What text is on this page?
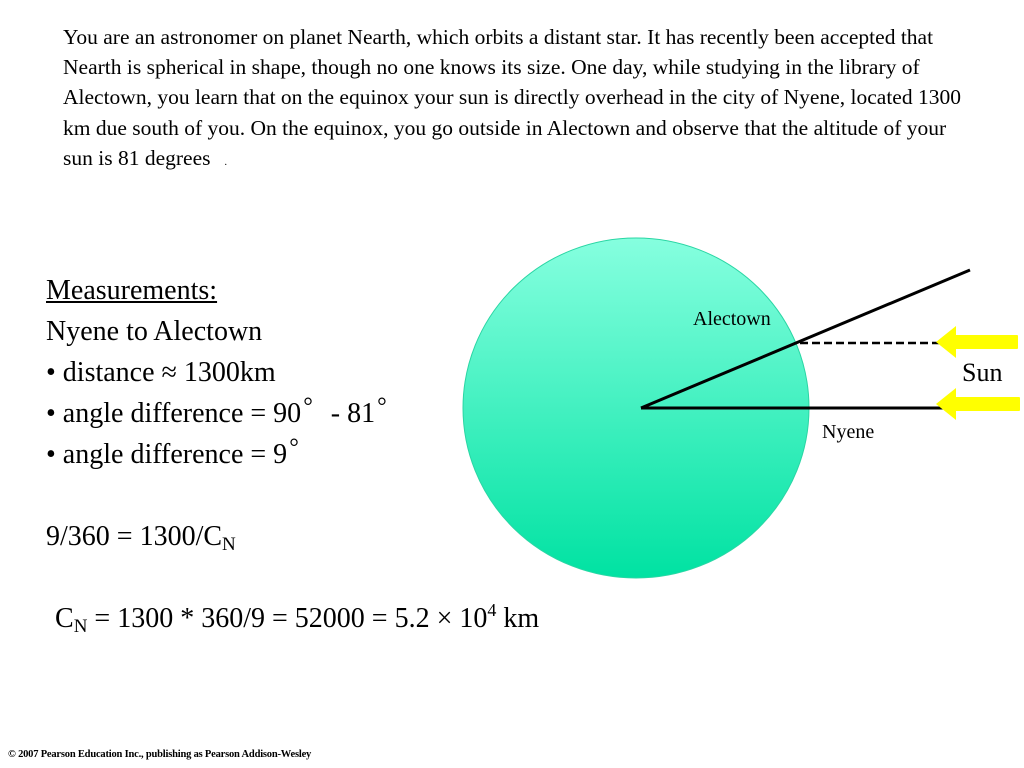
You are an astronomer on planet Nearth, which orbits a distant star. It has recently been accepted that Nearth is spherical in shape, though no one knows its size. One day, while studying in the library of Alectown, you learn that on the equinox your sun is directly overhead in the city of Nyene, located 1300 km due south of you. On the equinox, you go outside in Alectown and observe that the altitude of your sun is 81 degrees .

Measurements:
Nyene to Alectown
• distance ≈ 1300km
• angle difference = 90° - 81°
• angle difference = 9°
9/360 = 1300/CN
CN = $1300 * 360/9 = 52000 = 5.2 \times 10^4$ km
Alectown
Nyene
Sun
© 2007 Pearson Education Inc., publishing as Pearson Addison-Wesley
